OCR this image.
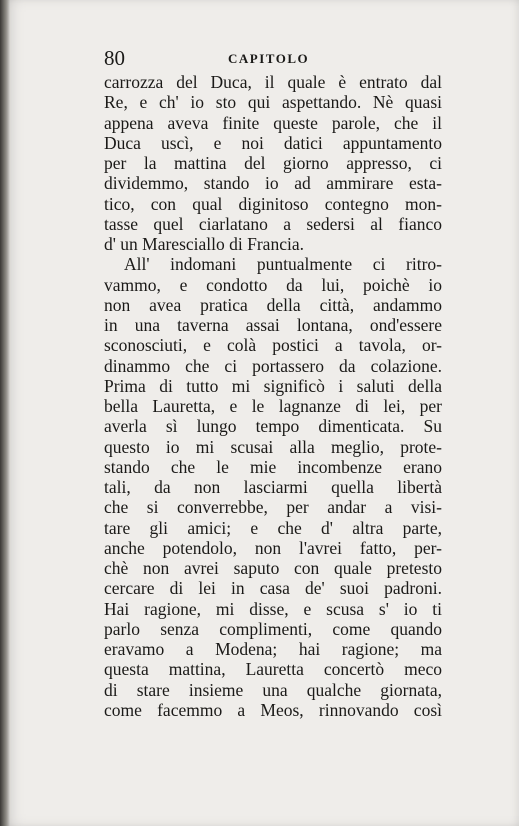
80	CAPITOLO
carrozza del Duca, il quale è entrato dal
Re, e ch' io sto qui aspettando. Nè quasi
appena aveva finite queste parole, che il
Duca uscì, e noi datici appuntamento
per la mattina del giorno appresso, ci
dividemmo, stando io ad ammirare esta-
tico, con qual diginitoso contegno mon-
tasse quel ciarlatano a sedersi al fianco
d' un Maresciallo di Francia.
All' indomani puntualmente ci ritro-
vammo, e condotto da lui, poichè io
non avea pratica della città, andammo
in una taverna assai lontana, ond'essere
sconosciuti, e colà postici a tavola, or-
dinammo che ci portassero da colazione.
Prima di tutto mi significò i saluti della
bella Lauretta, e le lagnanze di lei, per
averla sì lungo tempo dimenticata. Su
questo io mi scusai alla meglio, prote-
stando che le mie incombenze erano
tali, da non lasciarmi quella libertà
che si converrebbe, per andar a visi-
tare gli amici; e che d' altra parte,
anche potendolo, non l'avrei fatto, per-
chè non avrei saputo con quale pretesto
cercare di lei in casa de' suoi padroni.
Hai ragione, mi disse, e scusa s' io ti
parlo senza complimenti, come quando
eravamo a Modena; hai ragione; ma
questa mattina, Lauretta concertò meco
di stare insieme una qualche giornata,
come facemmo a Meos, rinnovando così
